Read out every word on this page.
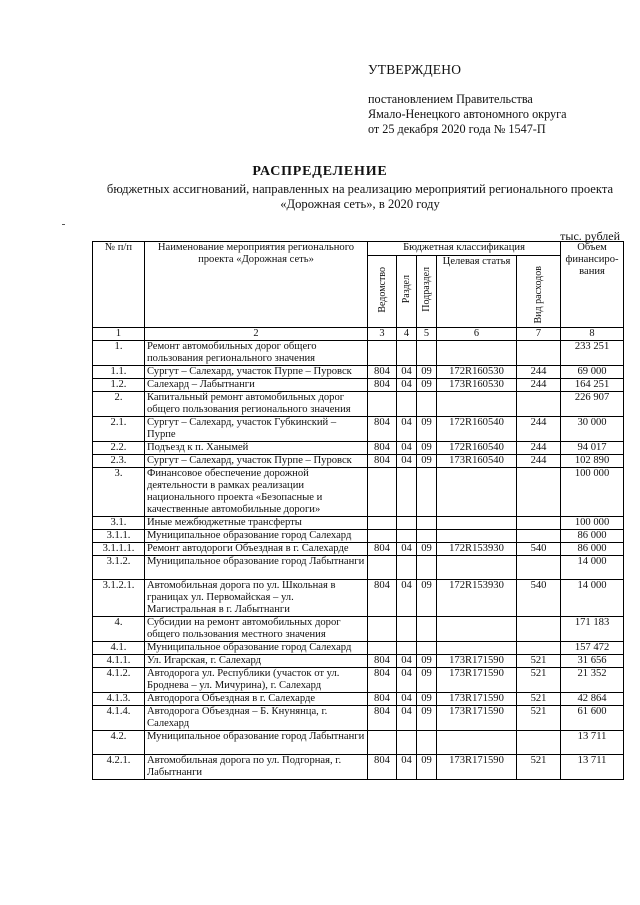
УТВЕРЖДЕНО
постановлением Правительства
Ямало-Ненецкого автономного округа
от 25 декабря 2020 года № 1547-П
РАСПРЕДЕЛЕНИЕ
бюджетных ассигнований, направленных на реализацию мероприятий регионального проекта «Дорожная сеть», в 2020 году
тыс. рублей
№ п/п	Наименование мероприятия регионального проекта «Дорожная сеть»	Бюджетная классификация					Объем финансиро-вания
		Ведомство	Раздел	Подраздел	Целевая статья	Вид расходов	
1	2	3	4	5	6	7	8
1.	Ремонт автомобильных дорог общего пользования регионального значения						233 251
1.1.	Сургут – Салехард, участок Пурпе – Пуровск	804	04	09	172R160530	244	69 000
1.2.	Салехард – Лабытнанги	804	04	09	173R160530	244	164 251
2.	Капитальный ремонт автомобильных дорог общего пользования регионального значения						226 907
2.1.	Сургут – Салехард, участок Губкинский – Пурпе	804	04	09	172R160540	244	30 000
2.2.	Подъезд к п. Ханымей	804	04	09	172R160540	244	94 017
2.3.	Сургут – Салехард, участок Пурпе – Пуровск	804	04	09	173R160540	244	102 890
3.	Финансовое обеспечение дорожной деятельности в рамках реализации национального проекта «Безопасные и качественные автомобильные дороги»						100 000
3.1.	Иные межбюджетные трансферты						100 000
3.1.1.	Муниципальное образование город Салехард						86 000
3.1.1.1.	Ремонт автодороги Объездная в г. Салехарде	804	04	09	172R153930	540	86 000
3.1.2.	Муниципальное образование город Лабытнанги						14 000
3.1.2.1.	Автомобильная дорога по ул. Школьная в границах ул. Первомайская – ул. Магистральная в г. Лабытнанги	804	04	09	172R153930	540	14 000
4.	Субсидии на ремонт автомобильных дорог общего пользования местного значения						171 183
4.1.	Муниципальное образование город Салехард						157 472
4.1.1.	Ул. Игарская, г. Салехард	804	04	09	173R171590	521	31 656
4.1.2.	Автодорога ул. Республики (участок от ул. Броднева – ул. Мичурина), г. Салехард	804	04	09	173R171590	521	21 352
4.1.3.	Автодорога Объездная в г. Салехарде	804	04	09	173R171590	521	42 864
4.1.4.	Автодорога Объездная – Б. Кнунянца, г. Салехард	804	04	09	173R171590	521	61 600
4.2.	Муниципальное образование город Лабытнанги						13 711
4.2.1.	Автомобильная дорога по ул. Подгорная, г. Лабытнанги	804	04	09	173R171590	521	13 711
